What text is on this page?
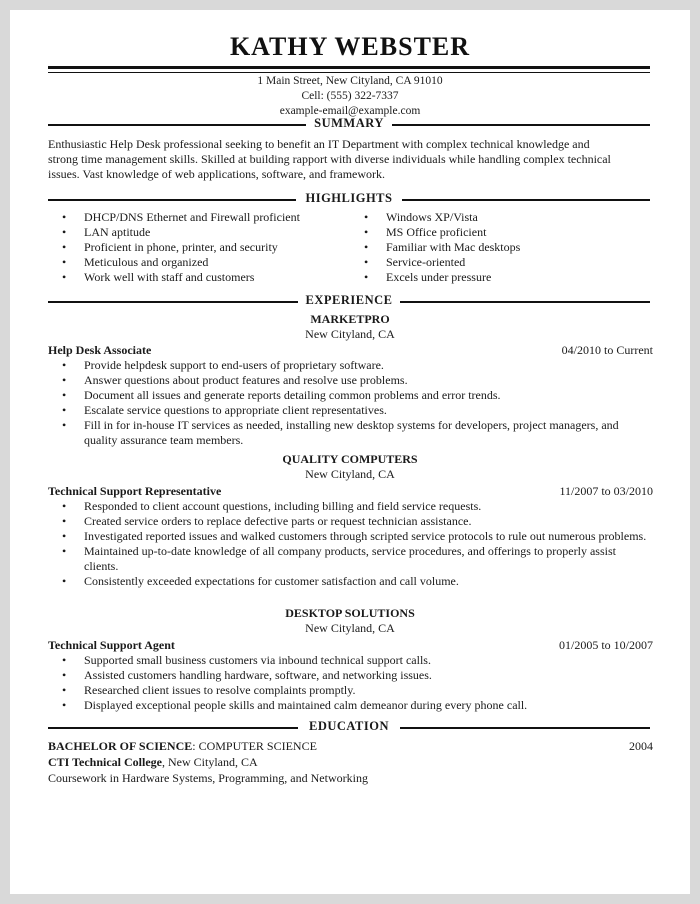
KATHY WEBSTER
1 Main Street, New Cityland, CA 91010
Cell: (555) 322-7337
example-email@example.com
SUMMARY
Enthusiastic Help Desk professional seeking to benefit an IT Department with complex technical knowledge and
strong time management skills. Skilled at building rapport with diverse individuals while handling complex technical
issues. Vast knowledge of web applications, software, and framework.
HIGHLIGHTS
• DHCP/DNS Ethernet and Firewall proficient
• LAN aptitude
• Proficient in phone, printer, and security
• Meticulous and organized
• Work well with staff and customers
• Windows XP/Vista
• MS Office proficient
• Familiar with Mac desktops
• Service-oriented
• Excels under pressure
EXPERIENCE
MARKETPRO
New Cityland, CA
Help Desk Associate	04/2010 to Current
• Provide helpdesk support to end-users of proprietary software.
• Answer questions about product features and resolve use problems.
• Document all issues and generate reports detailing common problems and error trends.
• Escalate service questions to appropriate client representatives.
• Fill in for in-house IT services as needed, installing new desktop systems for developers, project managers, and quality assurance team members.
QUALITY COMPUTERS
New Cityland, CA
Technical Support Representative	11/2007 to 03/2010
• Responded to client account questions, including billing and field service requests.
• Created service orders to replace defective parts or request technician assistance.
• Investigated reported issues and walked customers through scripted service protocols to rule out numerous problems.
• Maintained up-to-date knowledge of all company products, service procedures, and offerings to properly assist clients.
• Consistently exceeded expectations for customer satisfaction and call volume.
DESKTOP SOLUTIONS
New Cityland, CA
Technical Support Agent	01/2005 to 10/2007
• Supported small business customers via inbound technical support calls.
• Assisted customers handling hardware, software, and networking issues.
• Researched client issues to resolve complaints promptly.
• Displayed exceptional people skills and maintained calm demeanor during every phone call.
EDUCATION
BACHELOR OF SCIENCE: COMPUTER SCIENCE	2004
CTI Technical College, New Cityland, CA
Coursework in Hardware Systems, Programming, and Networking
